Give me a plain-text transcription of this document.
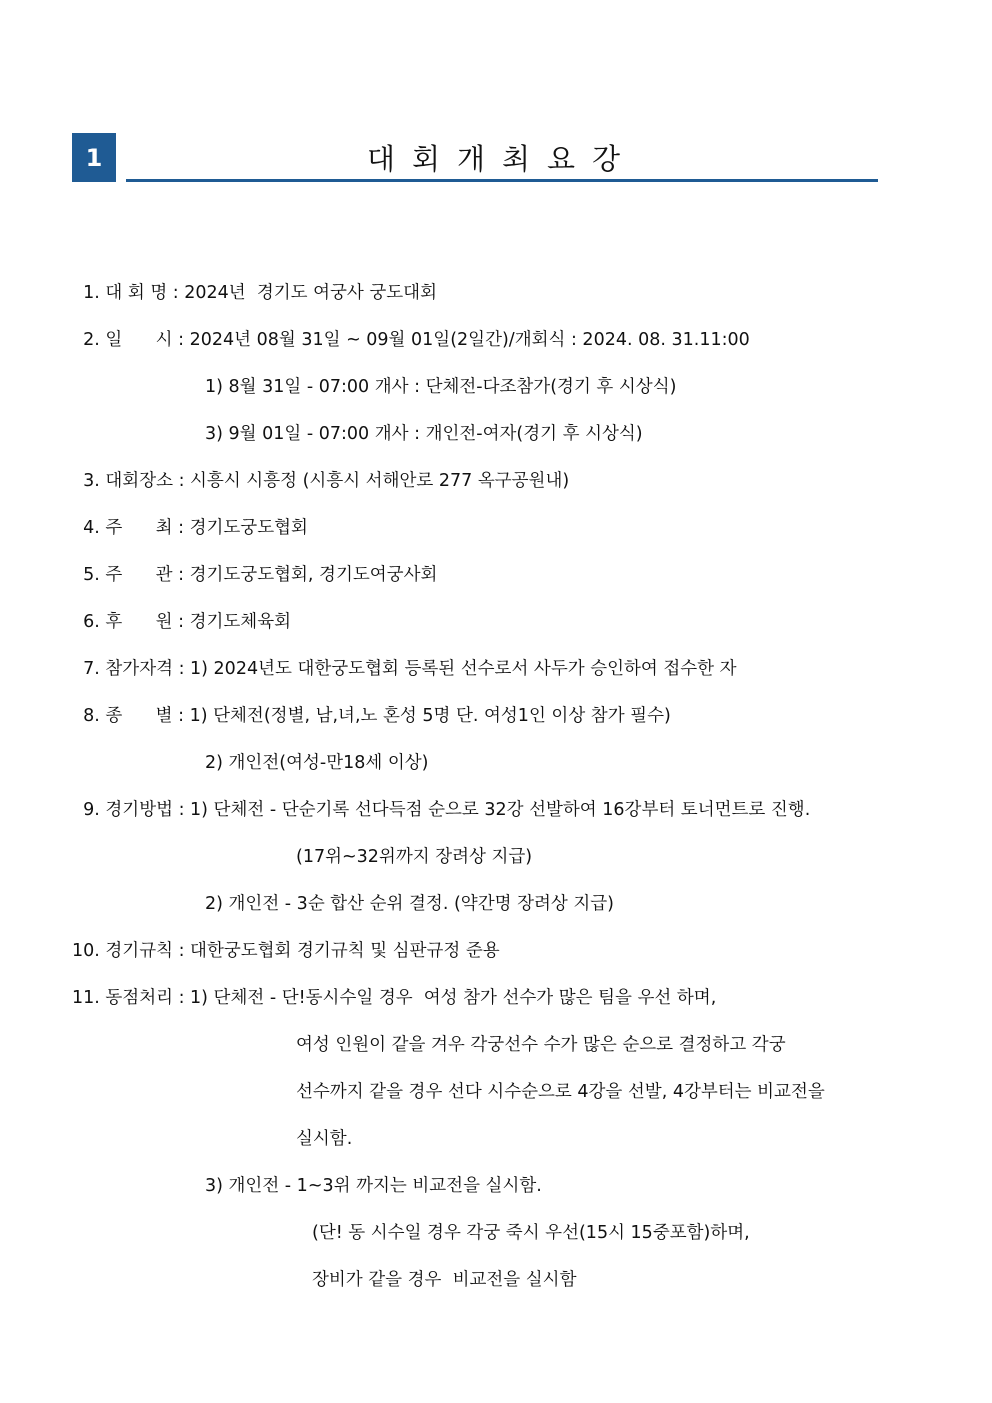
1	대회개최요강
1. 대 회 명 : 2024년  경기도 여궁사 궁도대회
2. 일      시 : 2024년 08월 31일 ~ 09월 01일(2일간)/개회식 : 2024. 08. 31.11:00
1) 8월 31일 - 07:00 개사 : 단체전-다조참가(경기 후 시상식)
3) 9월 01일 - 07:00 개사 : 개인전-여자(경기 후 시상식)
3. 대회장소 : 시흥시 시흥정 (시흥시 서해안로 277 옥구공원내)
4. 주      최 : 경기도궁도협회
5. 주      관 : 경기도궁도협회, 경기도여궁사회
6. 후      원 : 경기도체육회
7. 참가자격 : 1) 2024년도 대한궁도협회 등록된 선수로서 사두가 승인하여 접수한 자
8. 종      별 : 1) 단체전(정별, 남,녀,노 혼성 5명 단. 여성1인 이상 참가 필수)
2) 개인전(여성-만18세 이상)
9. 경기방법 : 1) 단체전 - 단순기록 선다득점 순으로 32강 선발하여 16강부터 토너먼트로 진행.
(17위~32위까지 장려상 지급)
2) 개인전 - 3순 합산 순위 결정. (약간명 장려상 지급)
10. 경기규칙 : 대한궁도협회 경기규칙 및 심판규정 준용
11. 동점처리 : 1) 단체전 - 단!동시수일 경우  여성 참가 선수가 많은 팀을 우선 하며,
여성 인원이 같을 겨우 각궁선수 수가 많은 순으로 결정하고 각궁
선수까지 같을 경우 선다 시수순으로 4강을 선발, 4강부터는 비교전을
실시함.
3) 개인전 - 1~3위 까지는 비교전을 실시함.
(단! 동 시수일 경우 각궁 죽시 우선(15시 15중포함)하며,
장비가 같을 경우  비교전을 실시함
